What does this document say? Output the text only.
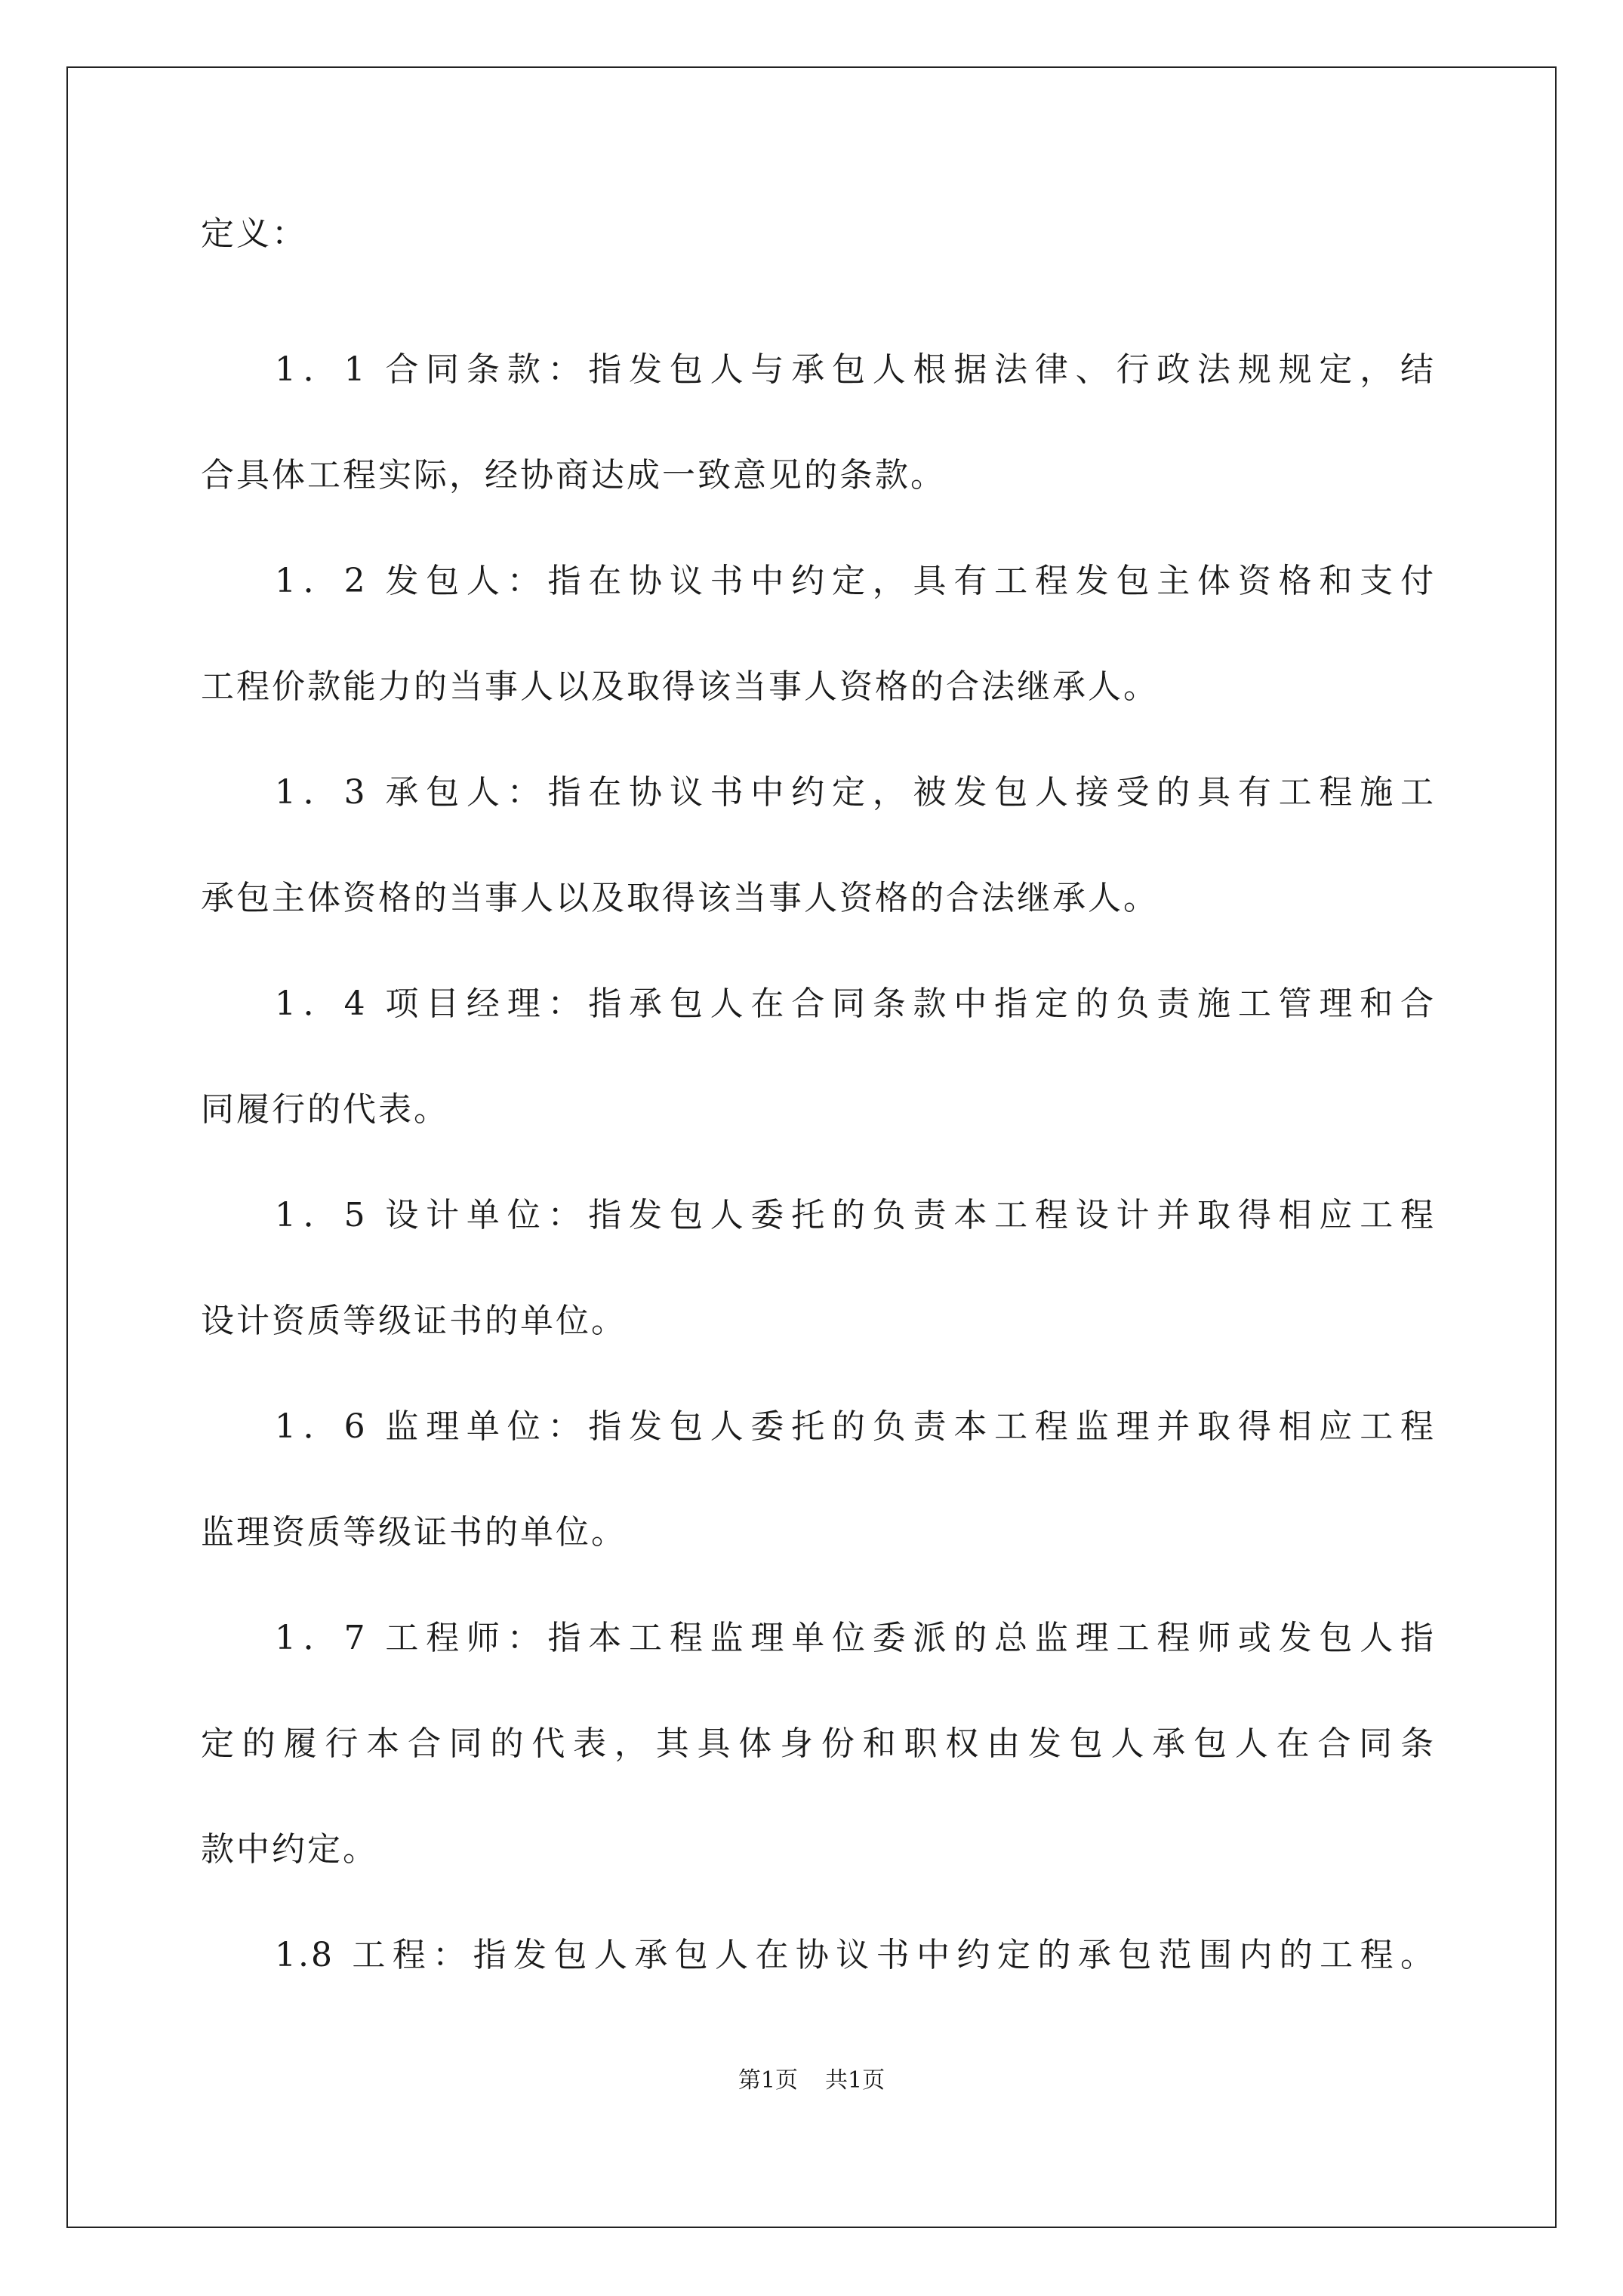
定义：
1．1 合同条款：指发包人与承包人根据法律、行政法规规定，结
合具体工程实际，经协商达成一致意见的条款。
1．2 发包人：指在协议书中约定，具有工程发包主体资格和支付
工程价款能力的当事人以及取得该当事人资格的合法继承人。
1．3 承包人：指在协议书中约定，被发包人接受的具有工程施工
承包主体资格的当事人以及取得该当事人资格的合法继承人。
1．4 项目经理：指承包人在合同条款中指定的负责施工管理和合
同履行的代表。
1．5 设计单位：指发包人委托的负责本工程设计并取得相应工程
设计资质等级证书的单位。
1．6 监理单位：指发包人委托的负责本工程监理并取得相应工程
监理资质等级证书的单位。
1．7 工程师：指本工程监理单位委派的总监理工程师或发包人指
定的履行本合同的代表，其具体身份和职权由发包人承包人在合同条
款中约定。
1.8 工程：指发包人承包人在协议书中约定的承包范围内的工程。
第1页 共1页
